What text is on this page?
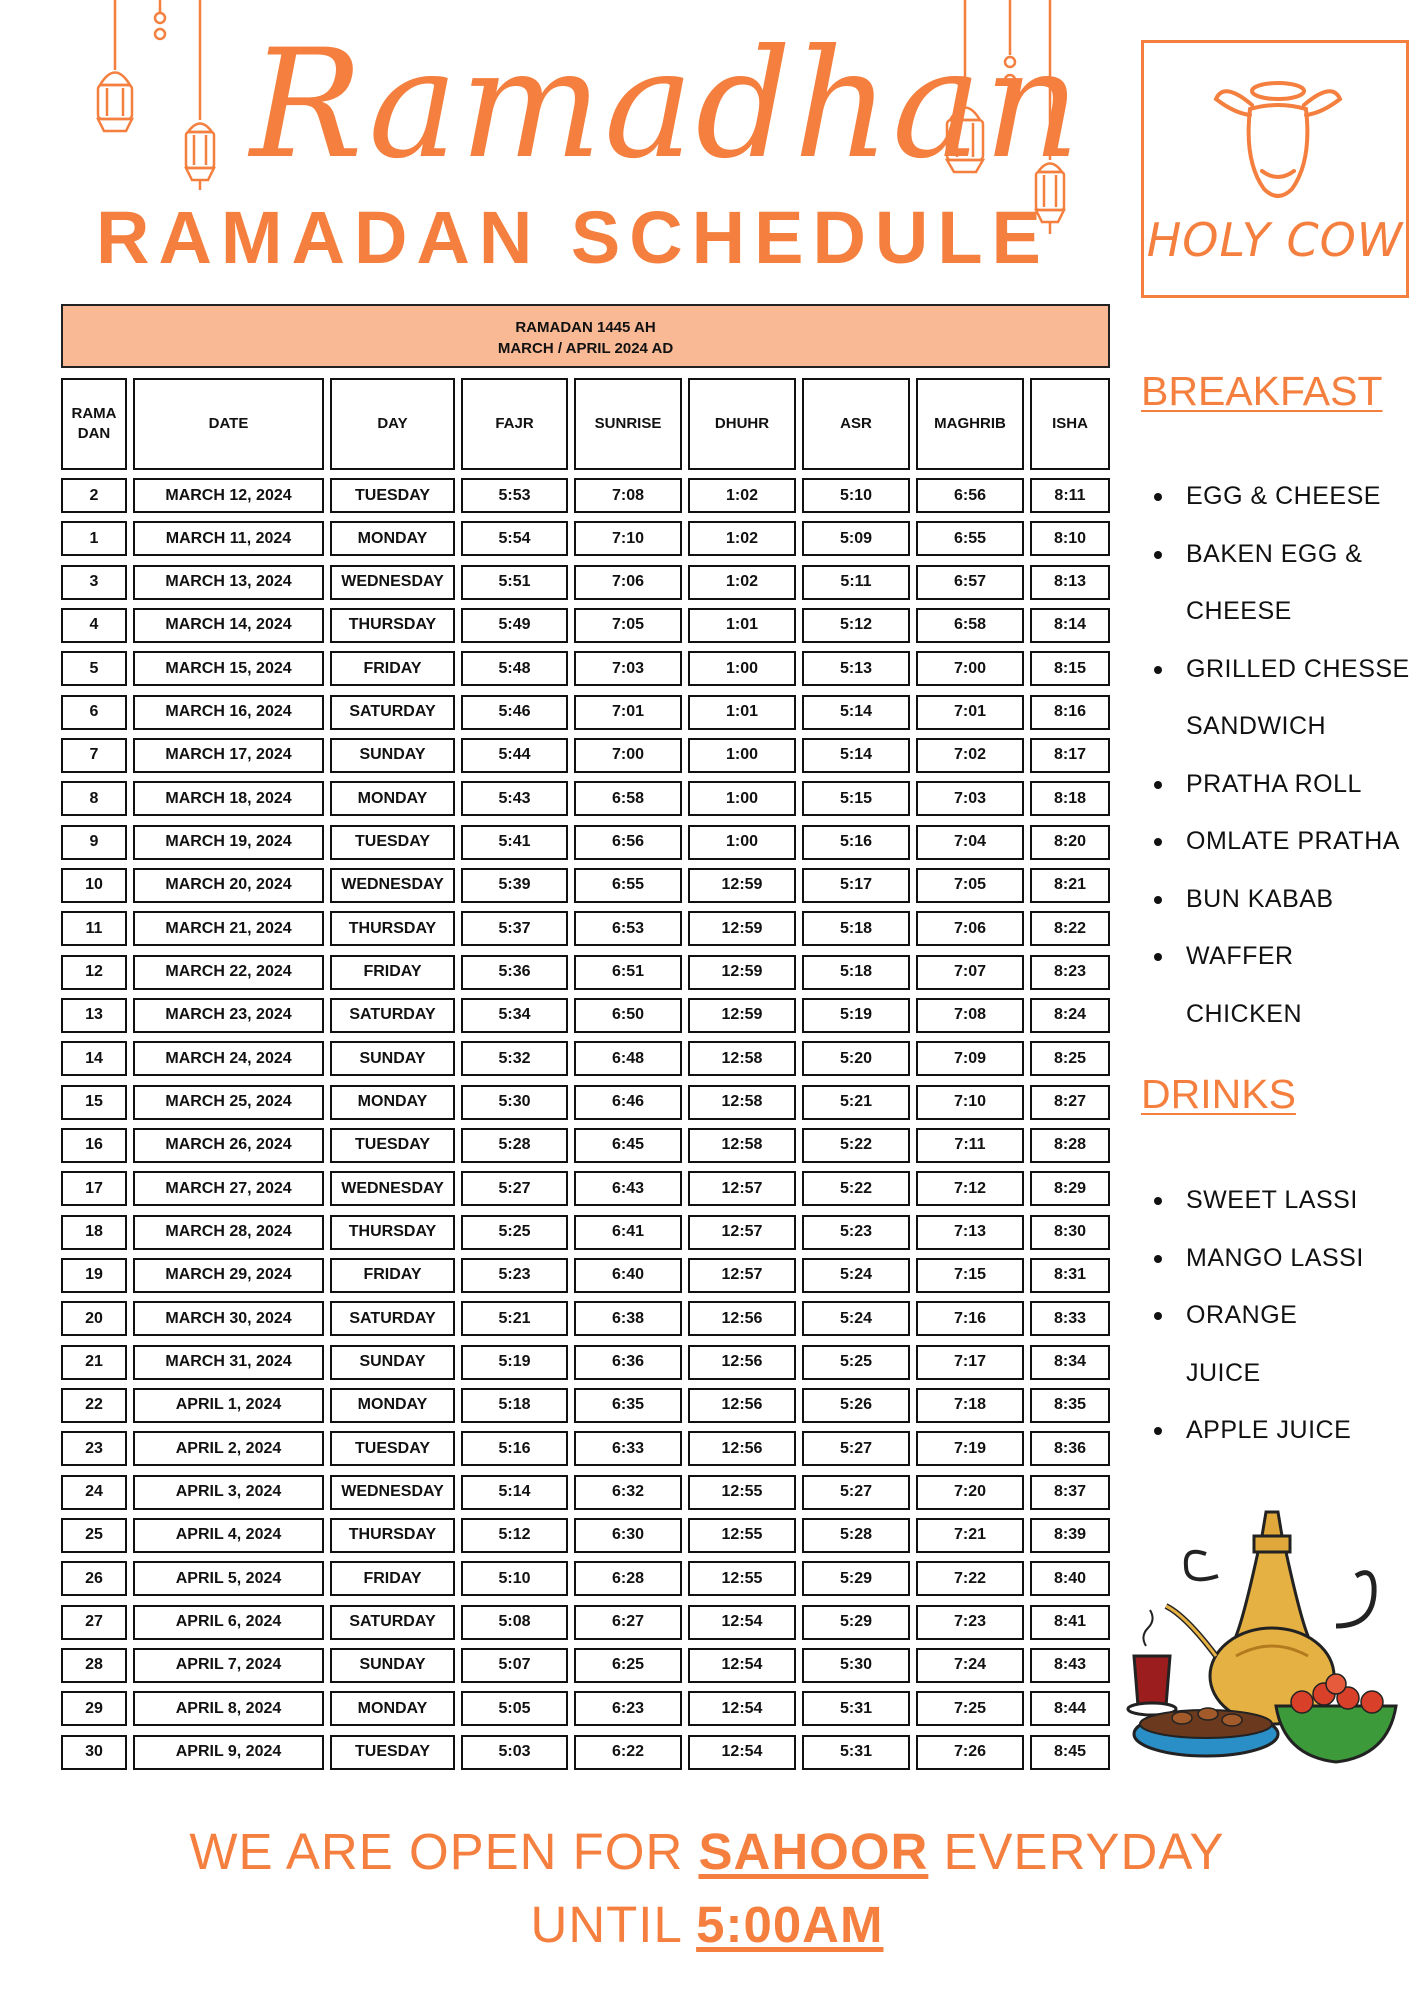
Ramadhan
RAMADAN SCHEDULE HOLY COW
RAMADAN 1445 AH
MARCH / APRIL 2024 AD
RAMA
DAN
DATE	DAY	FAJR	SUNRISE	DHUHR	ASR	MAGHRIB	ISHA
2	MARCH 12, 2024	TUESDAY	5:53	7:08	1:02	5:10	6:56	8:11
1	MARCH 11, 2024	MONDAY	5:54	7:10	1:02	5:09	6:55	8:10
3	MARCH 13, 2024	WEDNESDAY	5:51	7:06	1:02	5:11	6:57	8:13
4	MARCH 14, 2024	THURSDAY	5:49	7:05	1:01	5:12	6:58	8:14
5	MARCH 15, 2024	FRIDAY	5:48	7:03	1:00	5:13	7:00	8:15
6	MARCH 16, 2024	SATURDAY	5:46	7:01	1:01	5:14	7:01	8:16
7	MARCH 17, 2024	SUNDAY	5:44	7:00	1:00	5:14	7:02	8:17
8	MARCH 18, 2024	MONDAY	5:43	6:58	1:00	5:15	7:03	8:18
9	MARCH 19, 2024	TUESDAY	5:41	6:56	1:00	5:16	7:04	8:20
10	MARCH 20, 2024	WEDNESDAY	5:39	6:55	12:59	5:17	7:05	8:21
11	MARCH 21, 2024	THURSDAY	5:37	6:53	12:59	5:18	7:06	8:22
12	MARCH 22, 2024	FRIDAY	5:36	6:51	12:59	5:18	7:07	8:23
13	MARCH 23, 2024	SATURDAY	5:34	6:50	12:59	5:19	7:08	8:24
14	MARCH 24, 2024	SUNDAY	5:32	6:48	12:58	5:20	7:09	8:25
15	MARCH 25, 2024	MONDAY	5:30	6:46	12:58	5:21	7:10	8:27
16	MARCH 26, 2024	TUESDAY	5:28	6:45	12:58	5:22	7:11	8:28
17	MARCH 27, 2024	WEDNESDAY	5:27	6:43	12:57	5:22	7:12	8:29
18	MARCH 28, 2024	THURSDAY	5:25	6:41	12:57	5:23	7:13	8:30
19	MARCH 29, 2024	FRIDAY	5:23	6:40	12:57	5:24	7:15	8:31
20	MARCH 30, 2024	SATURDAY	5:21	6:38	12:56	5:24	7:16	8:33
21	MARCH 31, 2024	SUNDAY	5:19	6:36	12:56	5:25	7:17	8:34
22	APRIL 1, 2024	MONDAY	5:18	6:35	12:56	5:26	7:18	8:35
23	APRIL 2, 2024	TUESDAY	5:16	6:33	12:56	5:27	7:19	8:36
24	APRIL 3, 2024	WEDNESDAY	5:14	6:32	12:55	5:27	7:20	8:37
25	APRIL 4, 2024	THURSDAY	5:12	6:30	12:55	5:28	7:21	8:39
26	APRIL 5, 2024	FRIDAY	5:10	6:28	12:55	5:29	7:22	8:40
27	APRIL 6, 2024	SATURDAY	5:08	6:27	12:54	5:29	7:23	8:41
28	APRIL 7, 2024	SUNDAY	5:07	6:25	12:54	5:30	7:24	8:43
29	APRIL 8, 2024	MONDAY	5:05	6:23	12:54	5:31	7:25	8:44
30	APRIL 9, 2024	TUESDAY	5:03	6:22	12:54	5:31	7:26	8:45
BREAKFAST
EGG & CHEESE
BAKEN EGG &
CHEESE
GRILLED CHESSE
SANDWICH
PRATHA ROLL
OMLATE PRATHA
BUN KABAB
WAFFER CHICKEN
DRINKS
SWEET LASSI
MANGO LASSI
ORANGE
JUICE
APPLE JUICE
WE ARE OPEN FOR SAHOOR EVERYDAY
UNTIL 5:00AM
